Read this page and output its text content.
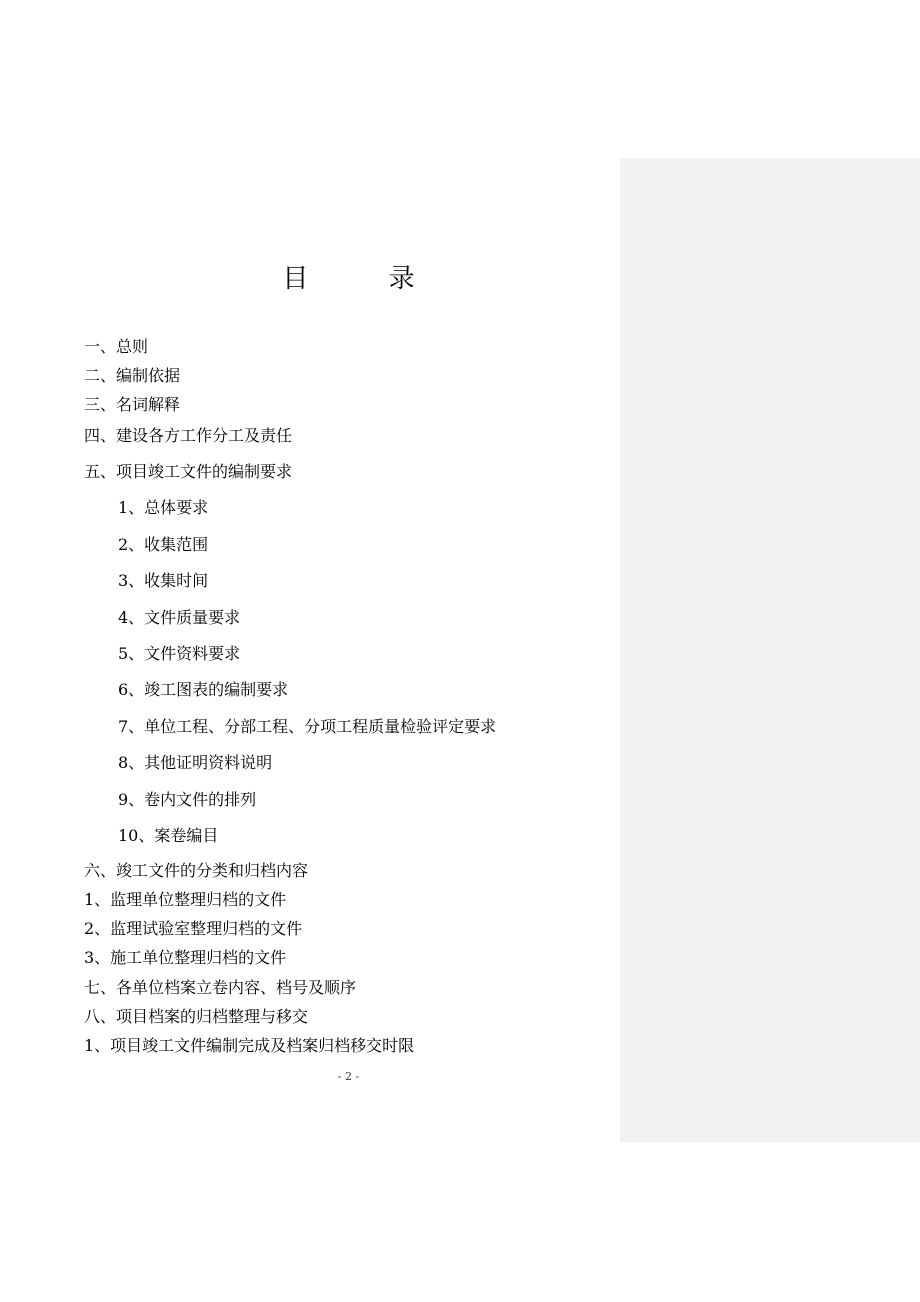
目 录
一、总则
二、编制依据
三、名词解释
四、建设各方工作分工及责任
五、项目竣工文件的编制要求
1、总体要求
2、收集范围
3、收集时间
4、文件质量要求
5、文件资料要求
6、竣工图表的编制要求
7、单位工程、分部工程、分项工程质量检验评定要求
8、其他证明资料说明
9、卷内文件的排列
10、案卷编目
六、竣工文件的分类和归档内容
1、监理单位整理归档的文件
2、监理试验室整理归档的文件
3、施工单位整理归档的文件
七、各单位档案立卷内容、档号及顺序
八、项目档案的归档整理与移交
1、项目竣工文件编制完成及档案归档移交时限
- 2 -
